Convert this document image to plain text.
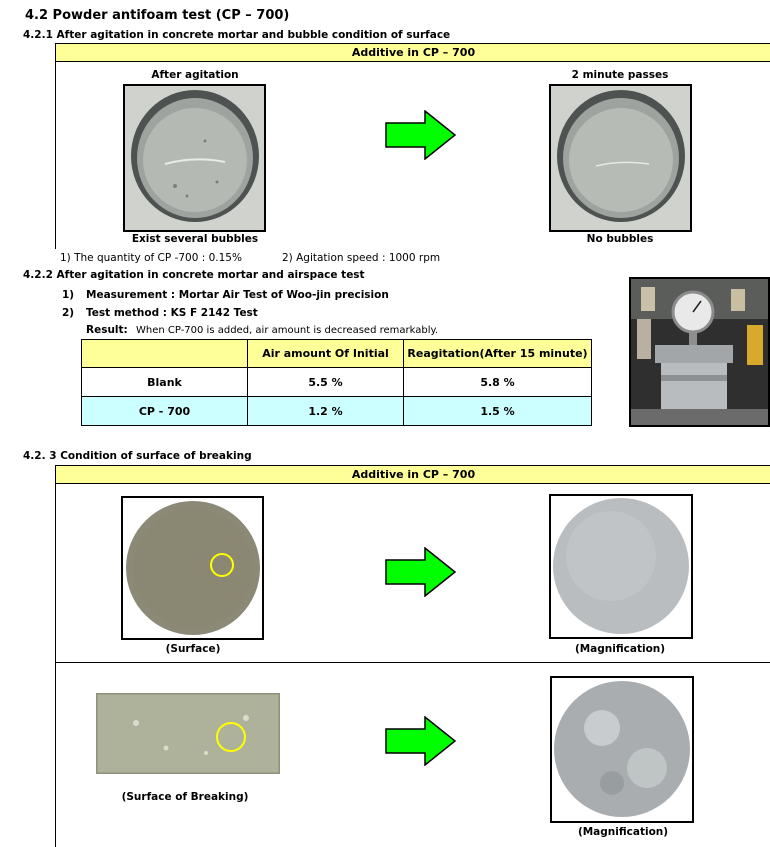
4.2 Powder antifoam test (CP – 700)
4.2.1 After agitation in concrete mortar and bubble condition of surface
Additive in CP – 700
After agitation
Exist several bubbles
2 minute passes
No bubbles
1) The quantity of CP -700 : 0.15%	2) Agitation speed : 1000 rpm
4.2.2 After agitation in concrete mortar and airspace test
1) Measurement : Mortar Air Test of Woo-jin precision
2) Test method : KS F 2142 Test
Result: When CP-700 is added, air amount is decreased remarkably.
	Air amount Of Initial	Reagitation(After 15 minute)
Blank	5.5 %	5.8 %
CP - 700	1.2 %	1.5 %
4.2. 3 Condition of surface of breaking
Additive in CP – 700
(Surface)	(Magnification)
(Surface of Breaking)
(Magnification)
